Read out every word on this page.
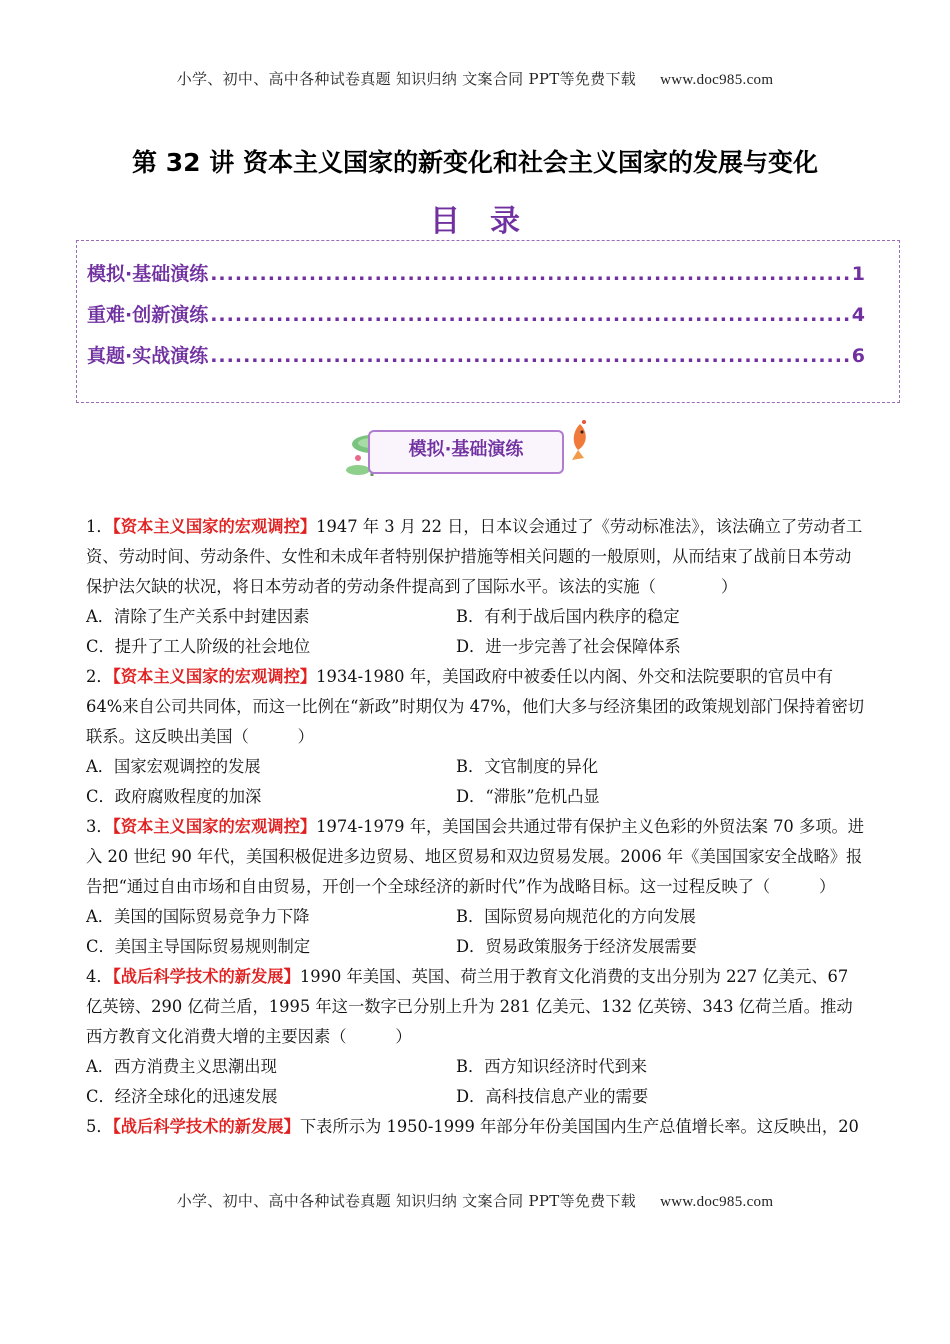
小学、初中、高中各种试卷真题 知识归纳 文案合同 PPT等免费下载 www.doc985.com
第 32 讲 资本主义国家的新变化和社会主义国家的发展与变化
目录
模拟·基础演练 .....	1
重难·创新演练 .....	4
真题·实战演练 .....	6
模拟·基础演练

1．【资本主义国家的宏观调控】1947 年 3 月 22 日，日本议会通过了《劳动标准法》，该法确立了劳动者工资、劳动时间、劳动条件、女性和未成年者特别保护措施等相关问题的一般原则，从而结束了战前日本劳动保护法欠缺的状况，将日本劳动者的劳动条件提高到了国际水平。该法的实施（　　　　）

A．清除了生产关系中封建因素	B．有利于战后国内秩序的稳定
C．提升了工人阶级的社会地位	D．进一步完善了社会保障体系

2．【资本主义国家的宏观调控】1934-1980 年，美国政府中被委任以内阁、外交和法院要职的官员中有 64%来自公司共同体，而这一比例在“新政”时期仅为 47%，他们大多与经济集团的政策规划部门保持着密切联系。这反映出美国（　　　）

A．国家宏观调控的发展	B．文官制度的异化
C．政府腐败程度的加深	D．“滞胀”危机凸显

3．【资本主义国家的宏观调控】1974-1979 年，美国国会共通过带有保护主义色彩的外贸法案 70 多项。进入 20 世纪 90 年代，美国积极促进多边贸易、地区贸易和双边贸易发展。2006 年《美国国家安全战略》报告把“通过自由市场和自由贸易，开创一个全球经济的新时代”作为战略目标。这一过程反映了（　　　）

A．美国的国际贸易竞争力下降	B．国际贸易向规范化的方向发展
C．美国主导国际贸易规则制定	D．贸易政策服务于经济发展需要

4．【战后科学技术的新发展】1990 年美国、英国、荷兰用于教育文化消费的支出分别为 227 亿美元、67 亿英镑、290 亿荷兰盾，1995 年这一数字已分别上升为 281 亿美元、132 亿英镑、343 亿荷兰盾。推动西方教育文化消费大增的主要因素（　　　）

A．西方消费主义思潮出现	B．西方知识经济时代到来
C．经济全球化的迅速发展	D．高科技信息产业的需要

5．【战后科学技术的新发展】下表所示为 1950-1999 年部分年份美国国内生产总值增长率。这反映出，20

小学、初中、高中各种试卷真题 知识归纳 文案合同 PPT等免费下载 www.doc985.com
